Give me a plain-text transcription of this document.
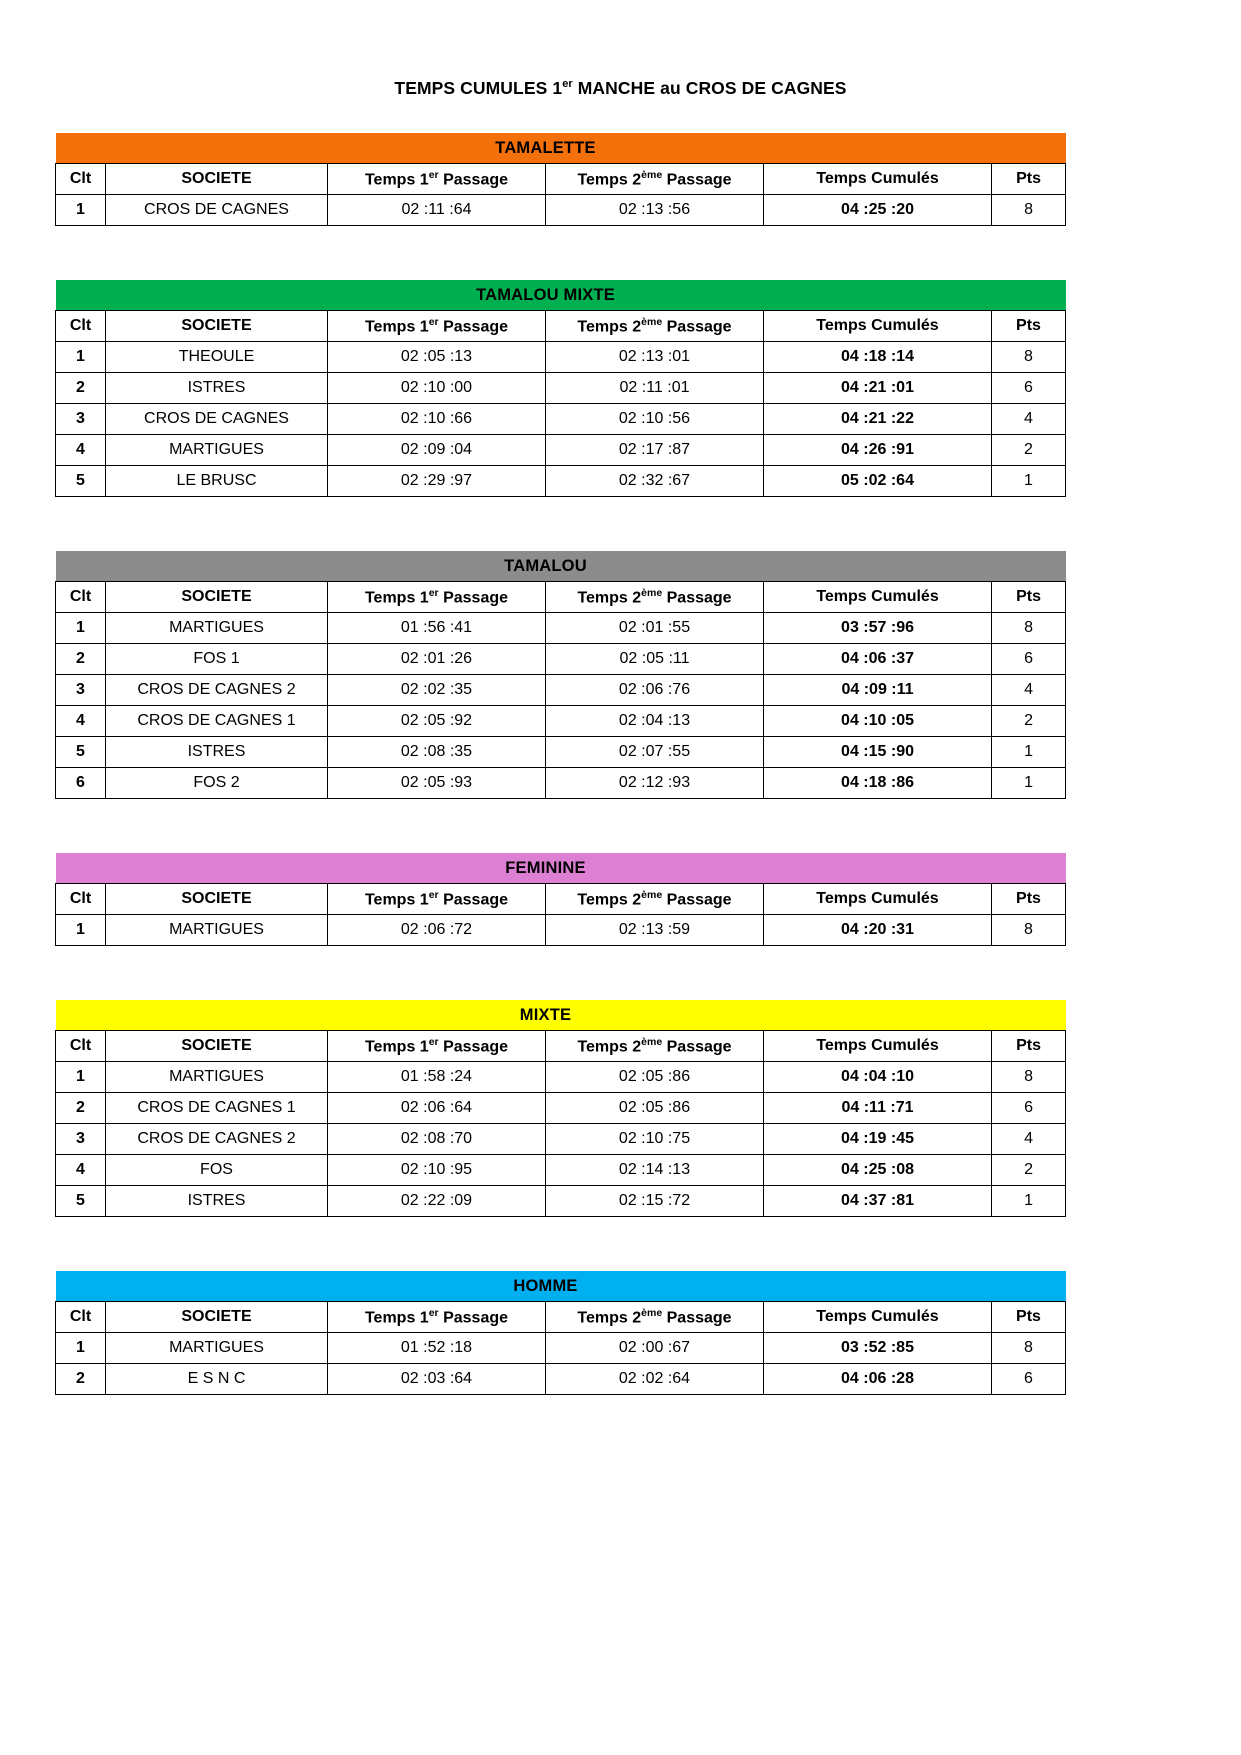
TEMPS CUMULES 1er MANCHE au CROS DE CAGNES
		TAMALETTE			
Clt	SOCIETE	Temps 1er Passage	Temps 2ème Passage	Temps Cumulés	Pts
1	CROS DE CAGNES	02 :11 :64	02 :13 :56	04 :25 :20	8
		TAMALOU MIXTE			
Clt	SOCIETE	Temps 1er Passage	Temps 2ème Passage	Temps Cumulés	Pts
1	THEOULE	02 :05 :13	02 :13 :01	04 :18 :14	8
2	ISTRES	02 :10 :00	02 :11 :01	04 :21 :01	6
3	CROS DE CAGNES	02 :10 :66	02 :10 :56	04 :21 :22	4
4	MARTIGUES	02 :09 :04	02 :17 :87	04 :26 :91	2
5	LE BRUSC	02 :29 :97	02 :32 :67	05 :02 :64	1
		TAMALOU			
Clt	SOCIETE	Temps 1er Passage	Temps 2ème Passage	Temps Cumulés	Pts
1	MARTIGUES	01 :56 :41	02 :01 :55	03 :57 :96	8
2	FOS 1	02 :01 :26	02 :05 :11	04 :06 :37	6
3	CROS DE CAGNES 2	02 :02 :35	02 :06 :76	04 :09 :11	4
4	CROS DE CAGNES 1	02 :05 :92	02 :04 :13	04 :10 :05	2
5	ISTRES	02 :08 :35	02 :07 :55	04 :15 :90	1
6	FOS 2	02 :05 :93	02 :12 :93	04 :18 :86	1
		FEMININE			
Clt	SOCIETE	Temps 1er Passage	Temps 2ème Passage	Temps Cumulés	Pts
1	MARTIGUES	02 :06 :72	02 :13 :59	04 :20 :31	8
		MIXTE			
Clt	SOCIETE	Temps 1er Passage	Temps 2ème Passage	Temps Cumulés	Pts
1	MARTIGUES	01 :58 :24	02 :05 :86	04 :04 :10	8
2	CROS DE CAGNES 1	02 :06 :64	02 :05 :86	04 :11 :71	6
3	CROS DE CAGNES 2	02 :08 :70	02 :10 :75	04 :19 :45	4
4	FOS	02 :10 :95	02 :14 :13	04 :25 :08	2
5	ISTRES	02 :22 :09	02 :15 :72	04 :37 :81	1
		HOMME			
Clt	SOCIETE	Temps 1er Passage	Temps 2ème Passage	Temps Cumulés	Pts
1	MARTIGUES	01 :52 :18	02 :00 :67	03 :52 :85	8
2	E S N C	02 :03 :64	02 :02 :64	04 :06 :28	6
